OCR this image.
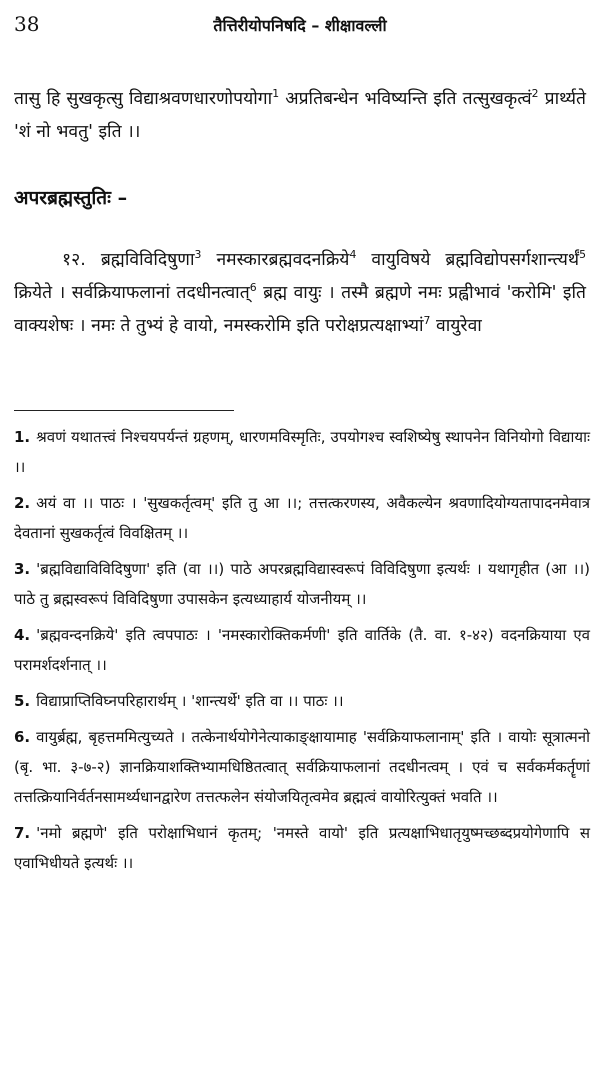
38	तैत्तिरीयोपनिषदि – शीक्षावल्ली
तासु हि सुखकृत्सु विद्याश्रवणधारणोपयोगा$^1$ अप्रतिबन्धेन भविष्यन्ति इति तत्सुखकृत्वं$^2$ प्रार्थ्यते 'शं नो भवतु' इति ।।
अपरब्रह्मस्तुतिः –
१२. ब्रह्मविविदिषुणा$^3$ नमस्कारब्रह्मवदनक्रिये$^4$ वायुविषये ब्रह्मविद्योपसर्गशान्त्यर्थं$^5$ क्रियेते । सर्वक्रियाफलानां तदधीनत्वात्$^6$ ब्रह्म वायुः । तस्मै ब्रह्मणे नमः प्रह्वीभावं 'करोमि' इति वाक्यशेषः । नमः ते तुभ्यं हे वायो, नमस्करोमि इति परोक्षप्रत्यक्षाभ्यां$^7$ वायुरेवा

1. श्रवणं यथातत्त्वं निश्चयपर्यन्तं ग्रहणम्, धारणमविस्मृतिः, उपयोगश्च स्वशिष्येषु स्थापनेन विनियोगो विद्यायाः ।।

2. अयं वा ।। पाठः । 'सुखकर्तृत्वम्' इति तु आ ।।; तत्तत्करणस्य, अवैकल्येन श्रवणादियोग्यतापादनमेवात्र देवतानां सुखकर्तृत्वं विवक्षितम् ।।

3. 'ब्रह्मविद्याविविदिषुणा' इति (वा ।।) पाठे अपरब्रह्मविद्यास्वरूपं विविदिषुणा इत्यर्थः । यथागृहीत (आ ।।) पाठे तु ब्रह्मस्वरूपं विविदिषुणा उपासकेन इत्यध्याहार्य योजनीयम् ।।

4. 'ब्रह्मवन्दनक्रिये' इति त्वपपाठः । 'नमस्कारोक्तिकर्मणी' इति वार्तिके (तै. वा. १-४२) वदनक्रियाया एव परामर्शदर्शनात् ।।

5. विद्याप्राप्तिविघ्नपरिहारार्थम् । 'शान्त्यर्थे' इति वा ।। पाठः ।।

6. वायुर्ब्रह्म, बृहत्तममित्युच्यते । तत्केनार्थयोगेनेत्याकाङ्क्षायामाह 'सर्वक्रियाफलानाम्' इति । वायोः सूत्रात्मनो (बृ. भा. ३-७-२) ज्ञानक्रियाशक्तिभ्यामधिष्ठितत्वात् सर्वक्रियाफलानां तदधीनत्वम् । एवं च सर्वकर्मकर्तॄणां तत्तत्क्रियानिर्वर्तनसामर्थ्यधानद्वारेण तत्तत्फलेन संयोजयितृत्वमेव ब्रह्मत्वं वायोरित्युक्तं भवति ।।

7. 'नमो ब्रह्मणे' इति परोक्षाभिधानं कृतम्; 'नमस्ते वायो' इति प्रत्यक्षाभिधातृयुष्मच्छब्दप्रयोगेणापि स एवाभिधीयते इत्यर्थः ।।
